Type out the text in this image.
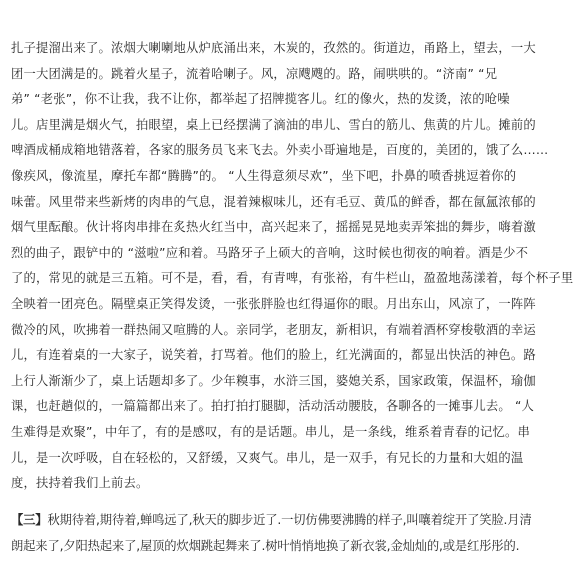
扎子提溜出来了。浓烟大喇喇地从炉底涌出来，木炭的，孜然的。街道边，甬路上，望去，一大
团一大团满是的。跳着火星子，流着哈喇子。风，凉飕飕的。路，闹哄哄的。“济南” “兄
弟” “老张”，你不让我，我不让你，都举起了招牌揽客儿。红的像火，热的发烫，浓的呛噪
儿。店里满是烟火气，拍眼望，桌上已经摆满了滴油的串儿、雪白的筋儿、焦黄的片儿。摊前的
啤酒成桶成箱地错落着，各家的服务员飞来飞去。外卖小哥遍地是，百度的，美团的，饿了么……
像疾风，像流星，摩托车都“腾腾”的。 “人生得意须尽欢”，坐下吧，扑鼻的喷香挑逗着你的
味蕾。风里带来些新烤的肉串的气息，混着辣椒味儿，还有毛豆、黄瓜的鲜香，都在氤氲浓郁的
烟气里酝酿。伙计将肉串排在炙热火红当中，高兴起来了，摇摇晃晃地卖弄笨拙的舞步，嗨着激
烈的曲子，跟铲中的 “滋啦”应和着。马路牙子上硕大的音响，这时候也彻夜的响着。酒是少不
了的，常见的就是三五箱。可不是，看，看，有青啤，有张裕，有牛栏山，盈盈地荡漾着，每个杯子里
全映着一团亮色。隔壁桌正笑得发烫，一张张胖脸也红得逼你的眼。月出东山，风凉了，一阵阵
微冷的风，吹拂着一群热闹又喧腾的人。亲同学，老朋友，新相识，有端着酒杯穿梭敬酒的幸运
儿，有连着桌的一大家子，说笑着，打骂着。他们的脸上，红光满面的，都显出快活的神色。路
上行人渐渐少了，桌上话题却多了。少年糗事，水浒三国，婆媳关系，国家政策，保温杯，瑜伽
课，也赶趟似的，一篇篇都出来了。拍打拍打腿脚，活动活动腰肢，各聊各的一摊事儿去。 “人
生难得是欢聚”，中年了，有的是感叹，有的是话题。串儿，是一条线，维系着青春的记忆。串
儿，是一次呼吸，自在轻松的，又舒缓，又爽气。串儿，是一双手，有兄长的力量和大姐的温
度，扶持着我们上前去。
【三】秋期待着,期待着,蝉鸣远了,秋天的脚步近了.一切仿佛要沸腾的样子,叫嚷着绽开了笑脸.月清
朗起来了,夕阳热起来了,屋顶的炊烟跳起舞来了.树叶悄悄地换了新衣裳,金灿灿的,或是红彤彤的.
